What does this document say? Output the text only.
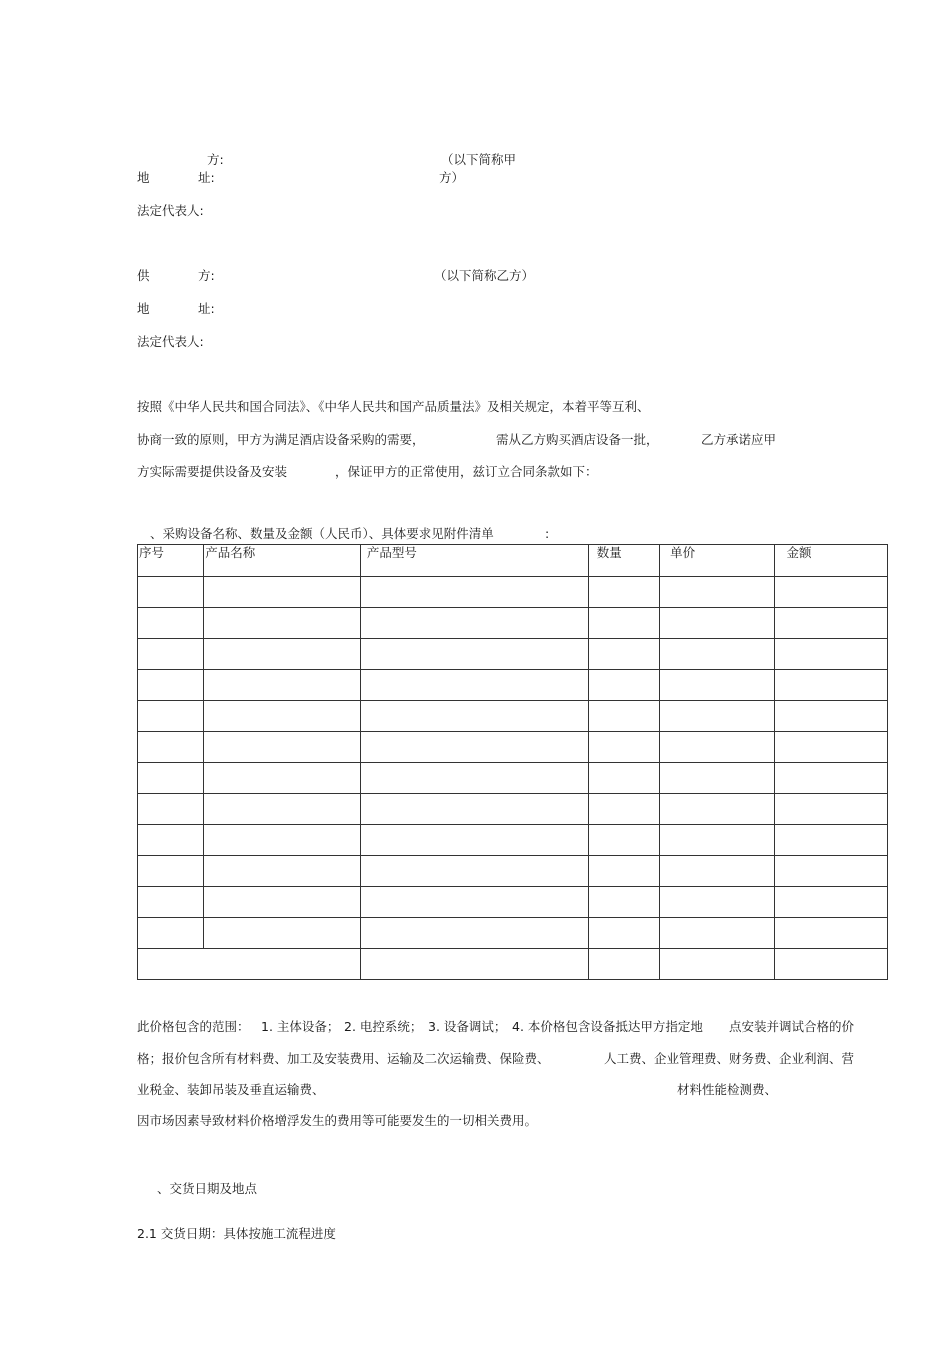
方:	（以下简称甲
地	址:	方）
法定代表人:
供	方:	（以下简称乙方）
地	址:
法定代表人:
按照《中华人民共和国合同法》、《中华人民共和国产品质量法》及相关规定，本着平等互利、
协商一致的原则，甲方为满足酒店设备采购的需要，	需从乙方购买酒店设备一批，	乙方承诺应甲
方实际需要提供设备及安装	，保证甲方的正常使用，兹订立合同条款如下：
、采购设备名称、数量及金额（人民币）、具体要求见附件清单	:
序号	产品名称	产品型号	数量	单价	金额

此价格包含的范围： 1. 主体设备； 2. 电控系统； 3. 设备调试； 4. 本价格包含设备抵达甲方指定地 点安装并调试合格的价
格；报价包含所有材料费、加工及安装费用、运输及二次运输费、保险费、	人工费、企业管理费、财务费、企业利润、营
业税金、装卸吊装及垂直运输费、	材料性能检测费、
因市场因素导致材料价格增浮发生的费用等可能要发生的一切相关费用。
、交货日期及地点
2.1 交货日期：具体按施工流程进度
